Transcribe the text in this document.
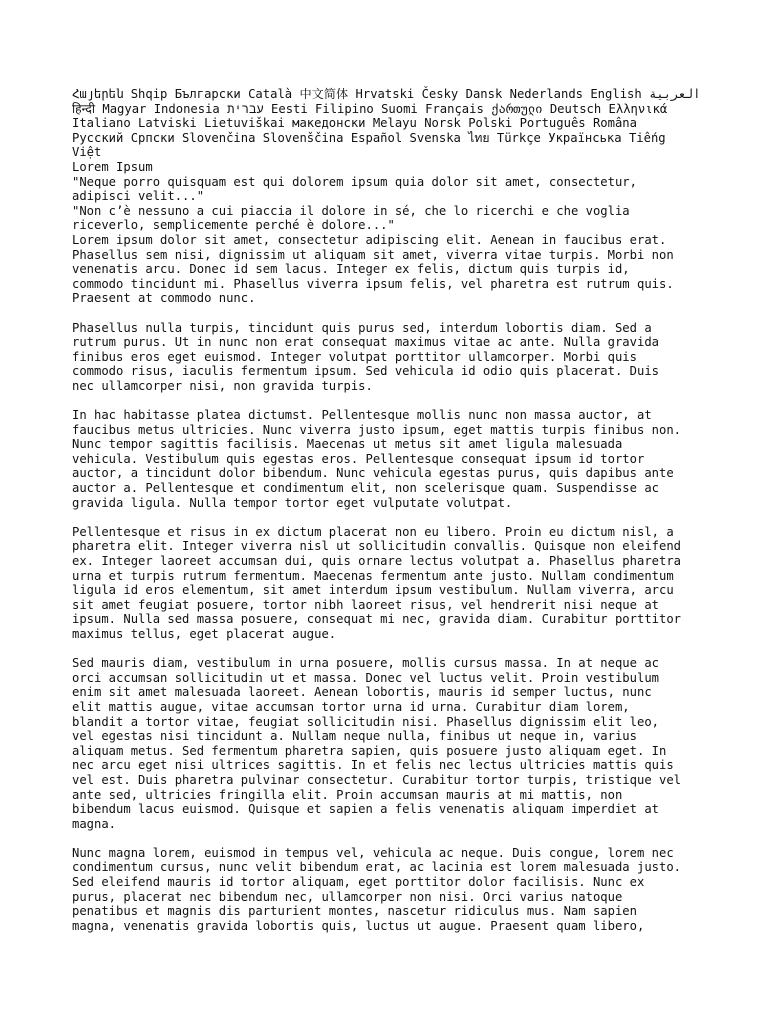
Հայերեն Shqip Български Català 中文简体 Hrvatski Česky Dansk Nederlands English العربية
हिन्दी Magyar Indonesia עברית Eesti Filipino Suomi Français ქართული Deutsch Ελληνικά
Italiano Latviski Lietuviškai македонски Melayu Norsk Polski Português Româna
Русский Српски Slovenčina Slovenščina Español Svenska ไทย Türkçe Українська Tiếng
Việt
Lorem Ipsum
"Neque porro quisquam est qui dolorem ipsum quia dolor sit amet, consectetur,
adipisci velit..."
"Non c’è nessuno a cui piaccia il dolore in sé, che lo ricerchi e che voglia
riceverlo, semplicemente perché è dolore..."
Lorem ipsum dolor sit amet, consectetur adipiscing elit. Aenean in faucibus erat.
Phasellus sem nisi, dignissim ut aliquam sit amet, viverra vitae turpis. Morbi non
venenatis arcu. Donec id sem lacus. Integer ex felis, dictum quis turpis id,
commodo tincidunt mi. Phasellus viverra ipsum felis, vel pharetra est rutrum quis.
Praesent at commodo nunc.
Phasellus nulla turpis, tincidunt quis purus sed, interdum lobortis diam. Sed a
rutrum purus. Ut in nunc non erat consequat maximus vitae ac ante. Nulla gravida
finibus eros eget euismod. Integer volutpat porttitor ullamcorper. Morbi quis
commodo risus, iaculis fermentum ipsum. Sed vehicula id odio quis placerat. Duis
nec ullamcorper nisi, non gravida turpis.
In hac habitasse platea dictumst. Pellentesque mollis nunc non massa auctor, at
faucibus metus ultricies. Nunc viverra justo ipsum, eget mattis turpis finibus non.
Nunc tempor sagittis facilisis. Maecenas ut metus sit amet ligula malesuada
vehicula. Vestibulum quis egestas eros. Pellentesque consequat ipsum id tortor
auctor, a tincidunt dolor bibendum. Nunc vehicula egestas purus, quis dapibus ante
auctor a. Pellentesque et condimentum elit, non scelerisque quam. Suspendisse ac
gravida ligula. Nulla tempor tortor eget vulputate volutpat.
Pellentesque et risus in ex dictum placerat non eu libero. Proin eu dictum nisl, a
pharetra elit. Integer viverra nisl ut sollicitudin convallis. Quisque non eleifend
ex. Integer laoreet accumsan dui, quis ornare lectus volutpat a. Phasellus pharetra
urna et turpis rutrum fermentum. Maecenas fermentum ante justo. Nullam condimentum
ligula id eros elementum, sit amet interdum ipsum vestibulum. Nullam viverra, arcu
sit amet feugiat posuere, tortor nibh laoreet risus, vel hendrerit nisi neque at
ipsum. Nulla sed massa posuere, consequat mi nec, gravida diam. Curabitur porttitor
maximus tellus, eget placerat augue.
Sed mauris diam, vestibulum in urna posuere, mollis cursus massa. In at neque ac
orci accumsan sollicitudin ut et massa. Donec vel luctus velit. Proin vestibulum
enim sit amet malesuada laoreet. Aenean lobortis, mauris id semper luctus, nunc
elit mattis augue, vitae accumsan tortor urna id urna. Curabitur diam lorem,
blandit a tortor vitae, feugiat sollicitudin nisi. Phasellus dignissim elit leo,
vel egestas nisi tincidunt a. Nullam neque nulla, finibus ut neque in, varius
aliquam metus. Sed fermentum pharetra sapien, quis posuere justo aliquam eget. In
nec arcu eget nisi ultrices sagittis. In et felis nec lectus ultricies mattis quis
vel est. Duis pharetra pulvinar consectetur. Curabitur tortor turpis, tristique vel
ante sed, ultricies fringilla elit. Proin accumsan mauris at mi mattis, non
bibendum lacus euismod. Quisque et sapien a felis venenatis aliquam imperdiet at
magna.
Nunc magna lorem, euismod in tempus vel, vehicula ac neque. Duis congue, lorem nec
condimentum cursus, nunc velit bibendum erat, ac lacinia est lorem malesuada justo.
Sed eleifend mauris id tortor aliquam, eget porttitor dolor facilisis. Nunc ex
purus, placerat nec bibendum nec, ullamcorper non nisi. Orci varius natoque
penatibus et magnis dis parturient montes, nascetur ridiculus mus. Nam sapien
magna, venenatis gravida lobortis quis, luctus ut augue. Praesent quam libero,
